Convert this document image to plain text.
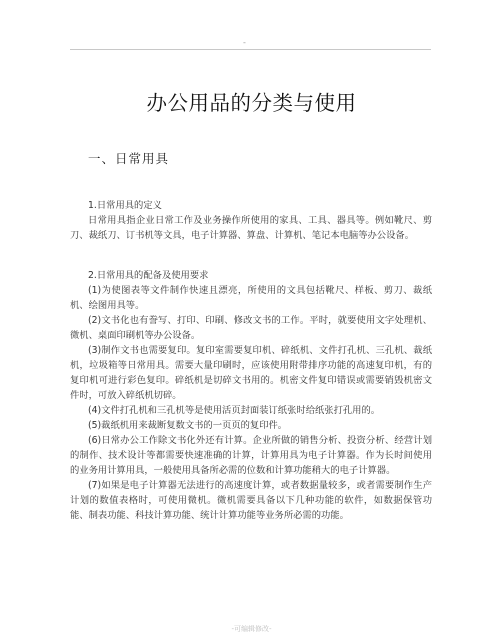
-
办公用品的分类与使用
一、日常用具

1.日常用具的定义

日常用具指企业日常工作及业务操作所使用的家具、工具、器具等。例如靴尺、剪刀、裁纸刀、订书机等文具，电子计算器、算盘、计算机、笔记本电脑等办公设备。

2.日常用具的配备及使用要求

(1)为使图表等文件制作快速且漂亮，所使用的文具包括靴尺、样板、剪刀、裁纸机、绘图用具等。

(2)文书化也有誊写、打印、印刷、修改文书的工作。平时，就要使用文字处理机、微机、桌面印刷机等办公设备。

(3)制作文书也需要复印。复印室需要复印机、碎纸机、文件打孔机、三孔机、裁纸机，垃圾箱等日常用具。需要大量印刷时，应该使用附带排序功能的高速复印机，有的复印机可进行彩色复印。碎纸机是切碎文书用的。机密文件复印错误或需要销毁机密文件时，可放入碎纸机切碎。

(4)文件打孔机和三孔机等是使用活页封面装订纸张时给纸张打孔用的。

(5)裁纸机用来裁断复数文书的一页页的复印件。

(6)日常办公工作除文书化外还有计算。企业所做的销售分析、投资分析、经营计划的制作、技术设计等都需要快速准确的计算，计算用具为电子计算器。作为长时间使用的业务用计算用具，一般使用具备所必需的位数和计算功能稍大的电子计算器。

(7)如果是电子计算器无法进行的高速度计算，或者数据量较多，或者需要制作生产计划的数值表格时，可使用微机。微机需要具备以下几种功能的软件，如数据保管功能、制表功能、科技计算功能、统计计算功能等业务所必需的功能。

-可编辑修改-
